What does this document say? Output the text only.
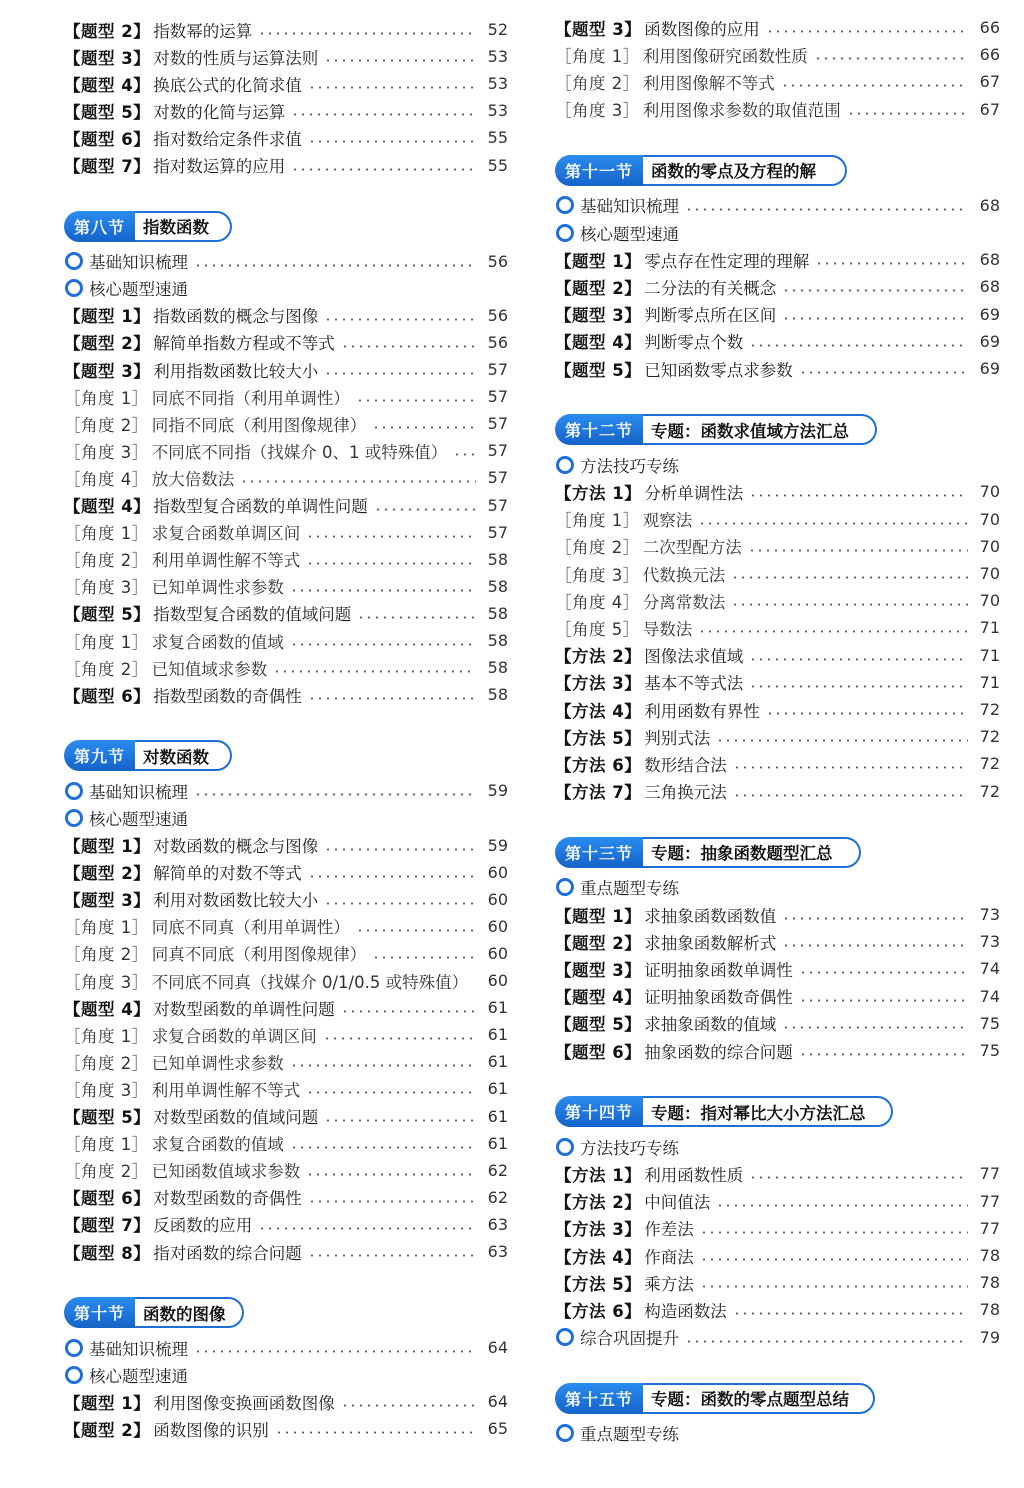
【题型 2】 指数幂的运算	52
【题型 3】 对数的性质与运算法则	53
【题型 4】 换底公式的化简求值	53
【题型 5】 对数的化简与运算	53
【题型 6】 指对数给定条件求值	55
【题型 7】 指对数运算的应用	55
第八节	指数函数
基础知识梳理	56
核心题型速通
【题型 1】 指数函数的概念与图像	56
【题型 2】 解简单指数方程或不等式	56
【题型 3】 利用指数函数比较大小	57
［角度 1］ 同底不同指（利用单调性）	57
［角度 2］ 同指不同底（利用图像规律）	57
［角度 3］ 不同底不同指（找媒介 0、1 或特殊值）	57
［角度 4］ 放大倍数法	57
【题型 4】 指数型复合函数的单调性问题	57
［角度 1］ 求复合函数单调区间	57
［角度 2］ 利用单调性解不等式	58
［角度 3］ 已知单调性求参数	58
【题型 5】 指数型复合函数的值域问题	58
［角度 1］ 求复合函数的值域	58
［角度 2］ 已知值域求参数	58
【题型 6】 指数型函数的奇偶性	58
第九节	对数函数
基础知识梳理	59
核心题型速通
【题型 1】 对数函数的概念与图像	59
【题型 2】 解简单的对数不等式	60
【题型 3】 利用对数函数比较大小	60
［角度 1］ 同底不同真（利用单调性）	60
［角度 2］ 同真不同底（利用图像规律）	60
［角度 3］ 不同底不同真（找媒介 0/1/0.5 或特殊值）	60
【题型 4】 对数型函数的单调性问题	61
［角度 1］ 求复合函数的单调区间	61
［角度 2］ 已知单调性求参数	61
［角度 3］ 利用单调性解不等式	61
【题型 5】 对数型函数的值域问题	61
［角度 1］ 求复合函数的值域	61
［角度 2］ 已知函数值域求参数	62
【题型 6】 对数型函数的奇偶性	62
【题型 7】 反函数的应用	63
【题型 8】 指对函数的综合问题	63
第十节	函数的图像
基础知识梳理	64
核心题型速通
【题型 1】 利用图像变换画函数图像	64
【题型 2】 函数图像的识别	65
【题型 3】 函数图像的应用	66
［角度 1］ 利用图像研究函数性质	66
［角度 2］ 利用图像解不等式	67
［角度 3］ 利用图像求参数的取值范围	67
第十一节	函数的零点及方程的解
基础知识梳理	68
核心题型速通
【题型 1】 零点存在性定理的理解	68
【题型 2】 二分法的有关概念	68
【题型 3】 判断零点所在区间	69
【题型 4】 判断零点个数	69
【题型 5】 已知函数零点求参数	69
第十二节	专题：函数求值域方法汇总
方法技巧专练
【方法 1】 分析单调性法	70
［角度 1］ 观察法	70
［角度 2］ 二次型配方法	70
［角度 3］ 代数换元法	70
［角度 4］ 分离常数法	70
［角度 5］ 导数法	71
【方法 2】 图像法求值域	71
【方法 3】 基本不等式法	71
【方法 4】 利用函数有界性	72
【方法 5】 判别式法	72
【方法 6】 数形结合法	72
【方法 7】 三角换元法	72
第十三节	专题：抽象函数题型汇总
重点题型专练
【题型 1】 求抽象函数函数值	73
【题型 2】 求抽象函数解析式	73
【题型 3】 证明抽象函数单调性	74
【题型 4】 证明抽象函数奇偶性	74
【题型 5】 求抽象函数的值域	75
【题型 6】 抽象函数的综合问题	75
第十四节	专题：指对幂比大小方法汇总
方法技巧专练
【方法 1】 利用函数性质	77
【方法 2】 中间值法	77
【方法 3】 作差法	77
【方法 4】 作商法	78
【方法 5】 乘方法	78
【方法 6】 构造函数法	78
综合巩固提升	79
第十五节	专题：函数的零点题型总结
重点题型专练
